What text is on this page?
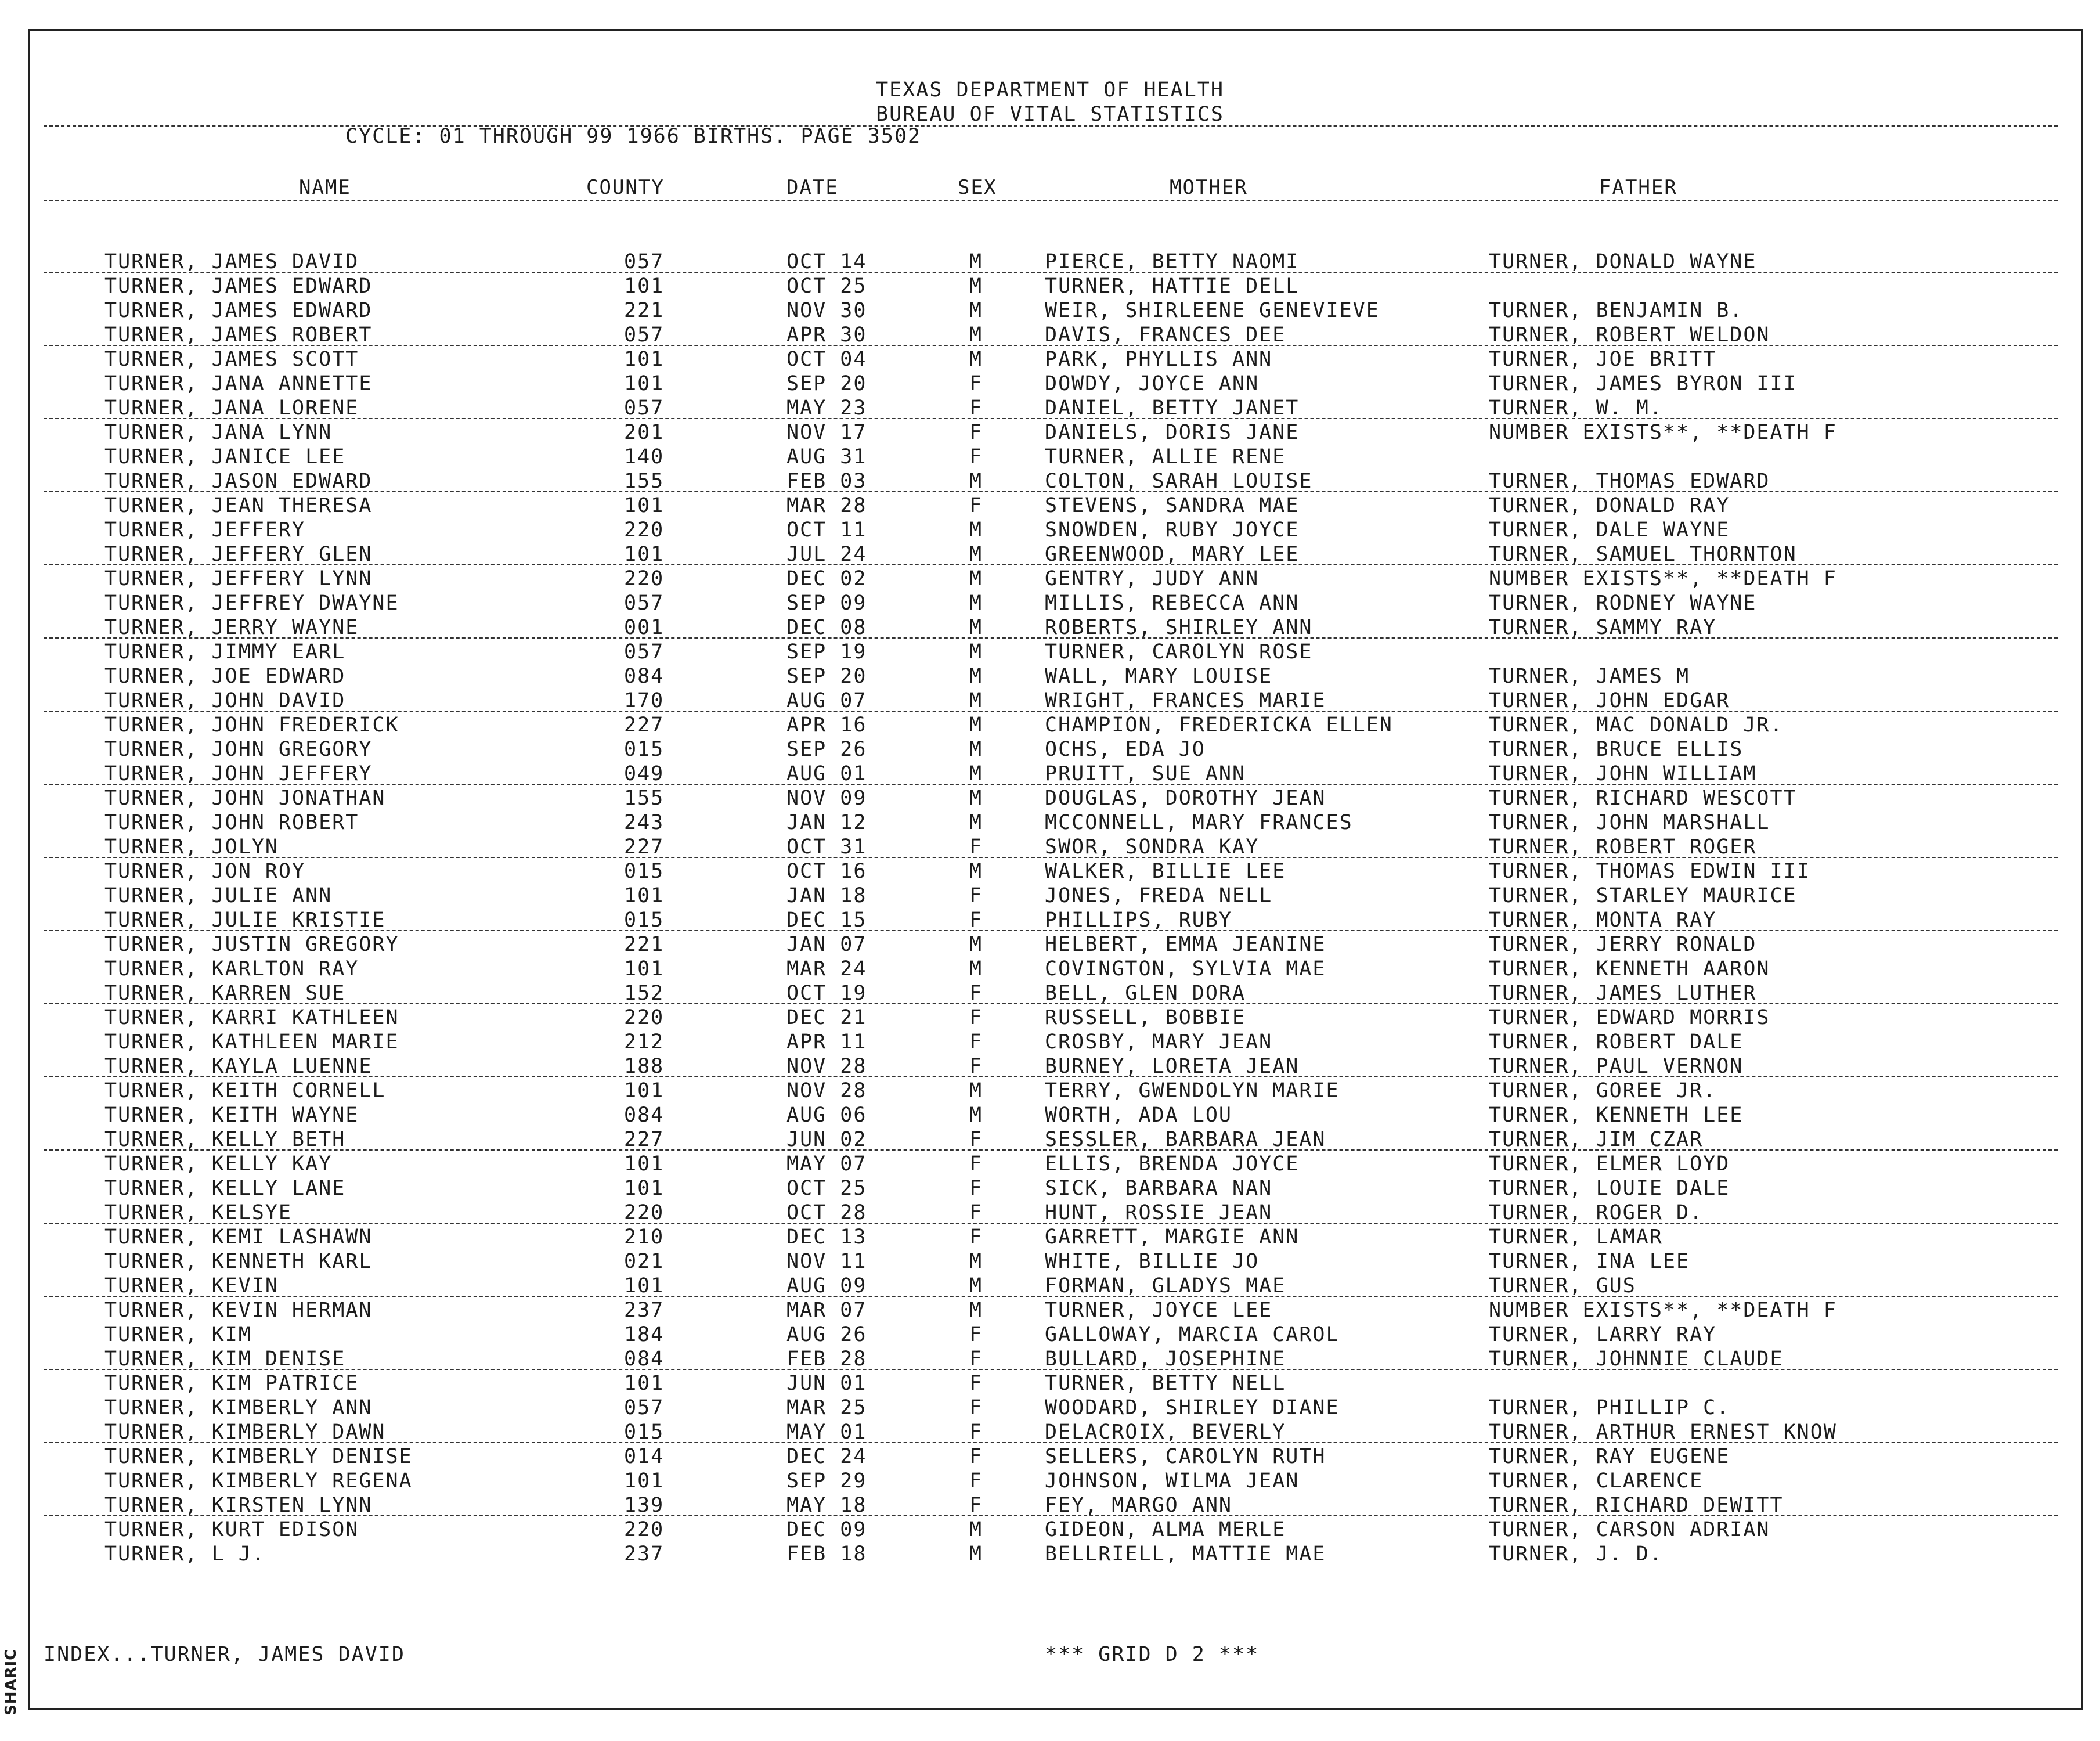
SHARIC
TEXAS DEPARTMENT OF HEALTH
BUREAU OF VITAL STATISTICS
CYCLE: 01 THROUGH 99 1966 BIRTHS. PAGE 3502
NAME	COUNTY	DATE	SEX	MOTHER	FATHER
TURNER, JAMES DAVID	057	OCT 14	M	PIERCE, BETTY NAOMI	TURNER, DONALD WAYNE
TURNER, JAMES EDWARD	101	OCT 25	M	TURNER, HATTIE DELL
TURNER, JAMES EDWARD	221	NOV 30	M	WEIR, SHIRLEENE GENEVIEVE	TURNER, BENJAMIN B.
TURNER, JAMES ROBERT	057	APR 30	M	DAVIS, FRANCES DEE	TURNER, ROBERT WELDON
TURNER, JAMES SCOTT	101	OCT 04	M	PARK, PHYLLIS ANN	TURNER, JOE BRITT
TURNER, JANA ANNETTE	101	SEP 20	F	DOWDY, JOYCE ANN	TURNER, JAMES BYRON III
TURNER, JANA LORENE	057	MAY 23	F	DANIEL, BETTY JANET	TURNER, W. M.
TURNER, JANA LYNN	201	NOV 17	F	DANIELS, DORIS JANE	NUMBER EXISTS**, **DEATH F
TURNER, JANICE LEE	140	AUG 31	F	TURNER, ALLIE RENE
TURNER, JASON EDWARD	155	FEB 03	M	COLTON, SARAH LOUISE	TURNER, THOMAS EDWARD
TURNER, JEAN THERESA	101	MAR 28	F	STEVENS, SANDRA MAE	TURNER, DONALD RAY
TURNER, JEFFERY	220	OCT 11	M	SNOWDEN, RUBY JOYCE	TURNER, DALE WAYNE
TURNER, JEFFERY GLEN	101	JUL 24	M	GREENWOOD, MARY LEE	TURNER, SAMUEL THORNTON
TURNER, JEFFERY LYNN	220	DEC 02	M	GENTRY, JUDY ANN	NUMBER EXISTS**, **DEATH F
TURNER, JEFFREY DWAYNE	057	SEP 09	M	MILLIS, REBECCA ANN	TURNER, RODNEY WAYNE
TURNER, JERRY WAYNE	001	DEC 08	M	ROBERTS, SHIRLEY ANN	TURNER, SAMMY RAY
TURNER, JIMMY EARL	057	SEP 19	M	TURNER, CAROLYN ROSE
TURNER, JOE EDWARD	084	SEP 20	M	WALL, MARY LOUISE	TURNER, JAMES M
TURNER, JOHN DAVID	170	AUG 07	M	WRIGHT, FRANCES MARIE	TURNER, JOHN EDGAR
TURNER, JOHN FREDERICK	227	APR 16	M	CHAMPION, FREDERICKA ELLEN	TURNER, MAC DONALD JR.
TURNER, JOHN GREGORY	015	SEP 26	M	OCHS, EDA JO	TURNER, BRUCE ELLIS
TURNER, JOHN JEFFERY	049	AUG 01	M	PRUITT, SUE ANN	TURNER, JOHN WILLIAM
TURNER, JOHN JONATHAN	155	NOV 09	M	DOUGLAS, DOROTHY JEAN	TURNER, RICHARD WESCOTT
TURNER, JOHN ROBERT	243	JAN 12	M	MCCONNELL, MARY FRANCES	TURNER, JOHN MARSHALL
TURNER, JOLYN	227	OCT 31	F	SWOR, SONDRA KAY	TURNER, ROBERT ROGER
TURNER, JON ROY	015	OCT 16	M	WALKER, BILLIE LEE	TURNER, THOMAS EDWIN III
TURNER, JULIE ANN	101	JAN 18	F	JONES, FREDA NELL	TURNER, STARLEY MAURICE
TURNER, JULIE KRISTIE	015	DEC 15	F	PHILLIPS, RUBY	TURNER, MONTA RAY
TURNER, JUSTIN GREGORY	221	JAN 07	M	HELBERT, EMMA JEANINE	TURNER, JERRY RONALD
TURNER, KARLTON RAY	101	MAR 24	M	COVINGTON, SYLVIA MAE	TURNER, KENNETH AARON
TURNER, KARREN SUE	152	OCT 19	F	BELL, GLEN DORA	TURNER, JAMES LUTHER
TURNER, KARRI KATHLEEN	220	DEC 21	F	RUSSELL, BOBBIE	TURNER, EDWARD MORRIS
TURNER, KATHLEEN MARIE	212	APR 11	F	CROSBY, MARY JEAN	TURNER, ROBERT DALE
TURNER, KAYLA LUENNE	188	NOV 28	F	BURNEY, LORETA JEAN	TURNER, PAUL VERNON
TURNER, KEITH CORNELL	101	NOV 28	M	TERRY, GWENDOLYN MARIE	TURNER, GOREE JR.
TURNER, KEITH WAYNE	084	AUG 06	M	WORTH, ADA LOU	TURNER, KENNETH LEE
TURNER, KELLY BETH	227	JUN 02	F	SESSLER, BARBARA JEAN	TURNER, JIM CZAR
TURNER, KELLY KAY	101	MAY 07	F	ELLIS, BRENDA JOYCE	TURNER, ELMER LOYD
TURNER, KELLY LANE	101	OCT 25	F	SICK, BARBARA NAN	TURNER, LOUIE DALE
TURNER, KELSYE	220	OCT 28	F	HUNT, ROSSIE JEAN	TURNER, ROGER D.
TURNER, KEMI LASHAWN	210	DEC 13	F	GARRETT, MARGIE ANN	TURNER, LAMAR
TURNER, KENNETH KARL	021	NOV 11	M	WHITE, BILLIE JO	TURNER, INA LEE
TURNER, KEVIN	101	AUG 09	M	FORMAN, GLADYS MAE	TURNER, GUS
TURNER, KEVIN HERMAN	237	MAR 07	M	TURNER, JOYCE LEE	NUMBER EXISTS**, **DEATH F
TURNER, KIM	184	AUG 26	F	GALLOWAY, MARCIA CAROL	TURNER, LARRY RAY
TURNER, KIM DENISE	084	FEB 28	F	BULLARD, JOSEPHINE	TURNER, JOHNNIE CLAUDE
TURNER, KIM PATRICE	101	JUN 01	F	TURNER, BETTY NELL
TURNER, KIMBERLY ANN	057	MAR 25	F	WOODARD, SHIRLEY DIANE	TURNER, PHILLIP C.
TURNER, KIMBERLY DAWN	015	MAY 01	F	DELACROIX, BEVERLY	TURNER, ARTHUR ERNEST KNOW
TURNER, KIMBERLY DENISE	014	DEC 24	F	SELLERS, CAROLYN RUTH	TURNER, RAY EUGENE
TURNER, KIMBERLY REGENA	101	SEP 29	F	JOHNSON, WILMA JEAN	TURNER, CLARENCE
TURNER, KIRSTEN LYNN	139	MAY 18	F	FEY, MARGO ANN	TURNER, RICHARD DEWITT
TURNER, KURT EDISON	220	DEC 09	M	GIDEON, ALMA MERLE	TURNER, CARSON ADRIAN
TURNER, L J.	237	FEB 18	M	BELLRIELL, MATTIE MAE	TURNER, J. D.
INDEX...TURNER, JAMES DAVID	*** GRID D 2 ***
